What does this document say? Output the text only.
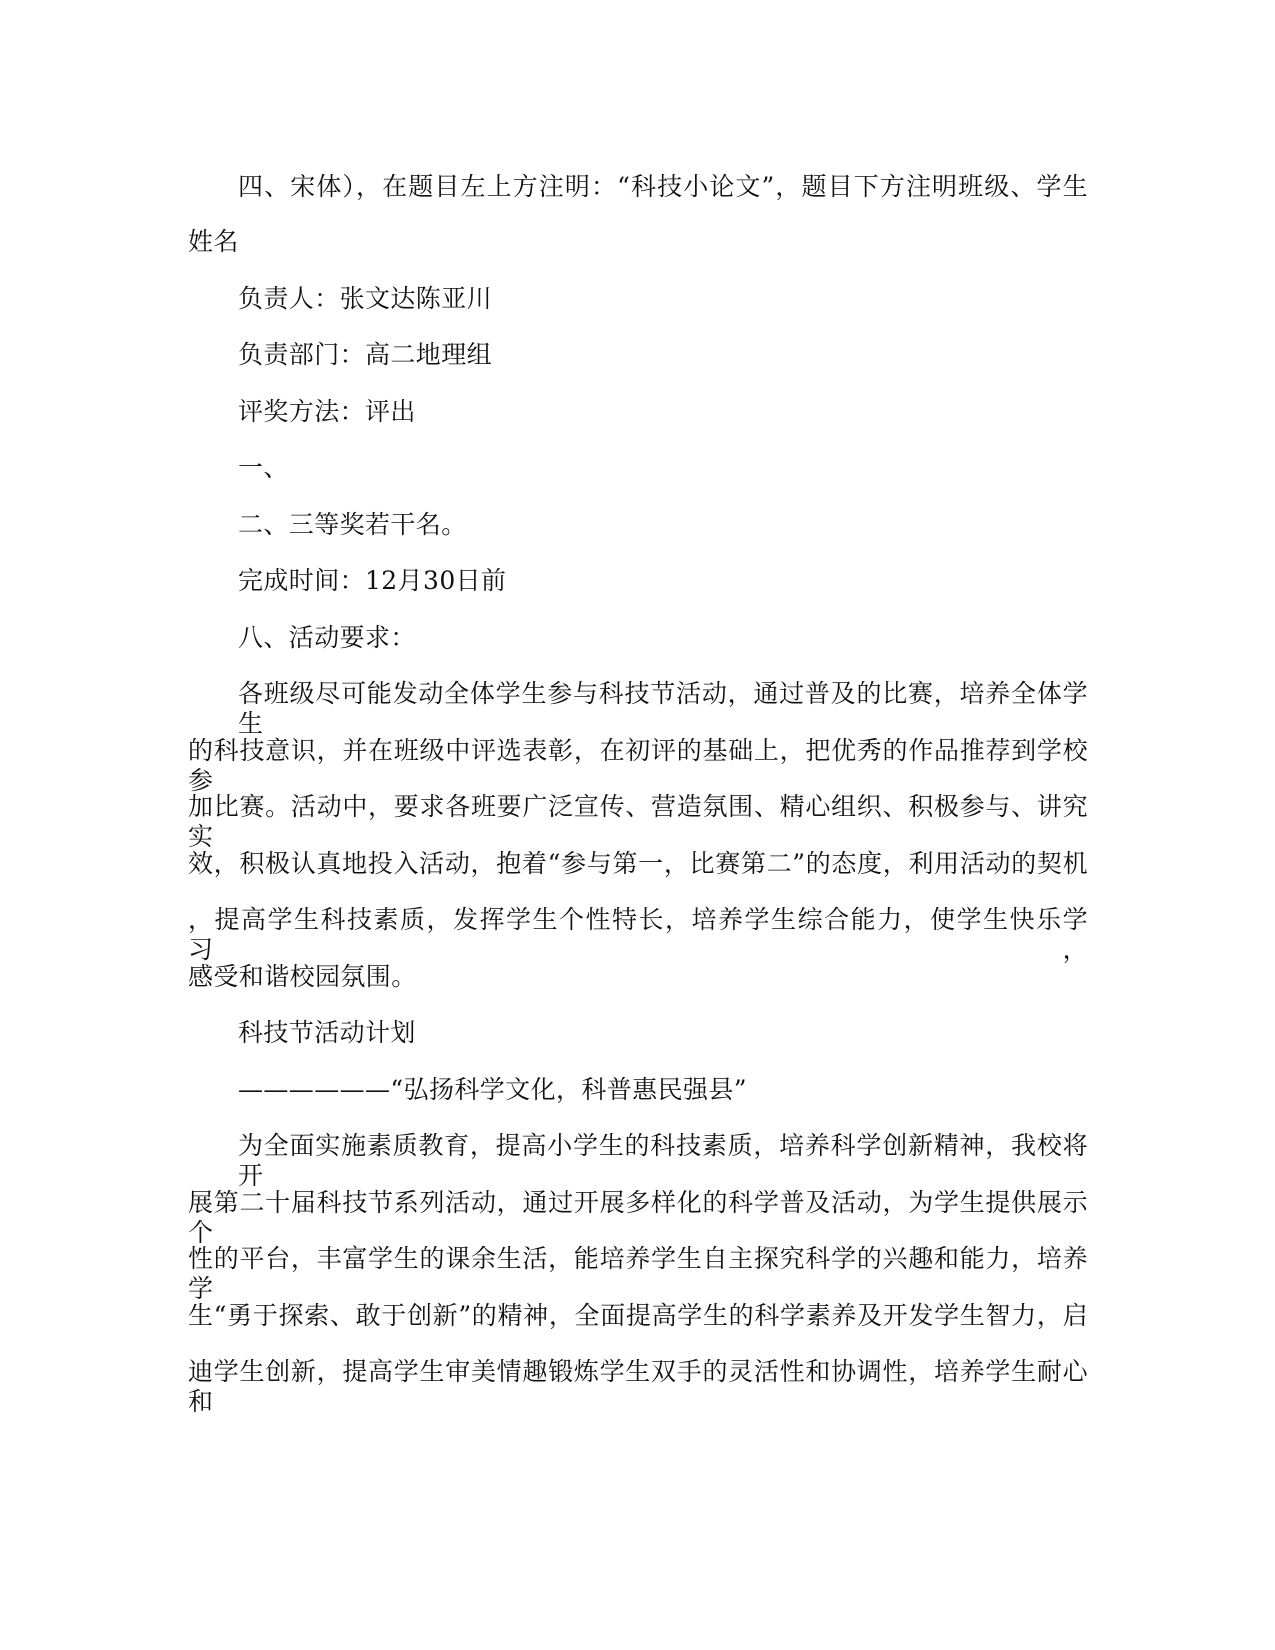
四、宋体），在题目左上方注明：“科技小论文”，题目下方注明班级、学生
姓名
负责人：张文达陈亚川
负责部门：高二地理组
评奖方法：评出
一、
二、三等奖若干名。
完成时间：12月30日前
八、活动要求：
各班级尽可能发动全体学生参与科技节活动，通过普及的比赛，培养全体学生
的科技意识，并在班级中评选表彰，在初评的基础上，把优秀的作品推荐到学校参
加比赛。活动中，要求各班要广泛宣传、营造氛围、精心组织、积极参与、讲究实
效，积极认真地投入活动，抱着“参与第一，比赛第二”的态度，利用活动的契机
，提高学生科技素质，发挥学生个性特长，培养学生综合能力，使学生快乐学习，
感受和谐校园氛围。
科技节活动计划
——————“弘扬科学文化，科普惠民强县”
为全面实施素质教育，提高小学生的科技素质，培养科学创新精神，我校将开
展第二十届科技节系列活动，通过开展多样化的科学普及活动，为学生提供展示个
性的平台，丰富学生的课余生活，能培养学生自主探究科学的兴趣和能力，培养学
生“勇于探索、敢于创新”的精神，全面提高学生的科学素养及开发学生智力，启
迪学生创新，提高学生审美情趣锻炼学生双手的灵活性和协调性，培养学生耐心和
